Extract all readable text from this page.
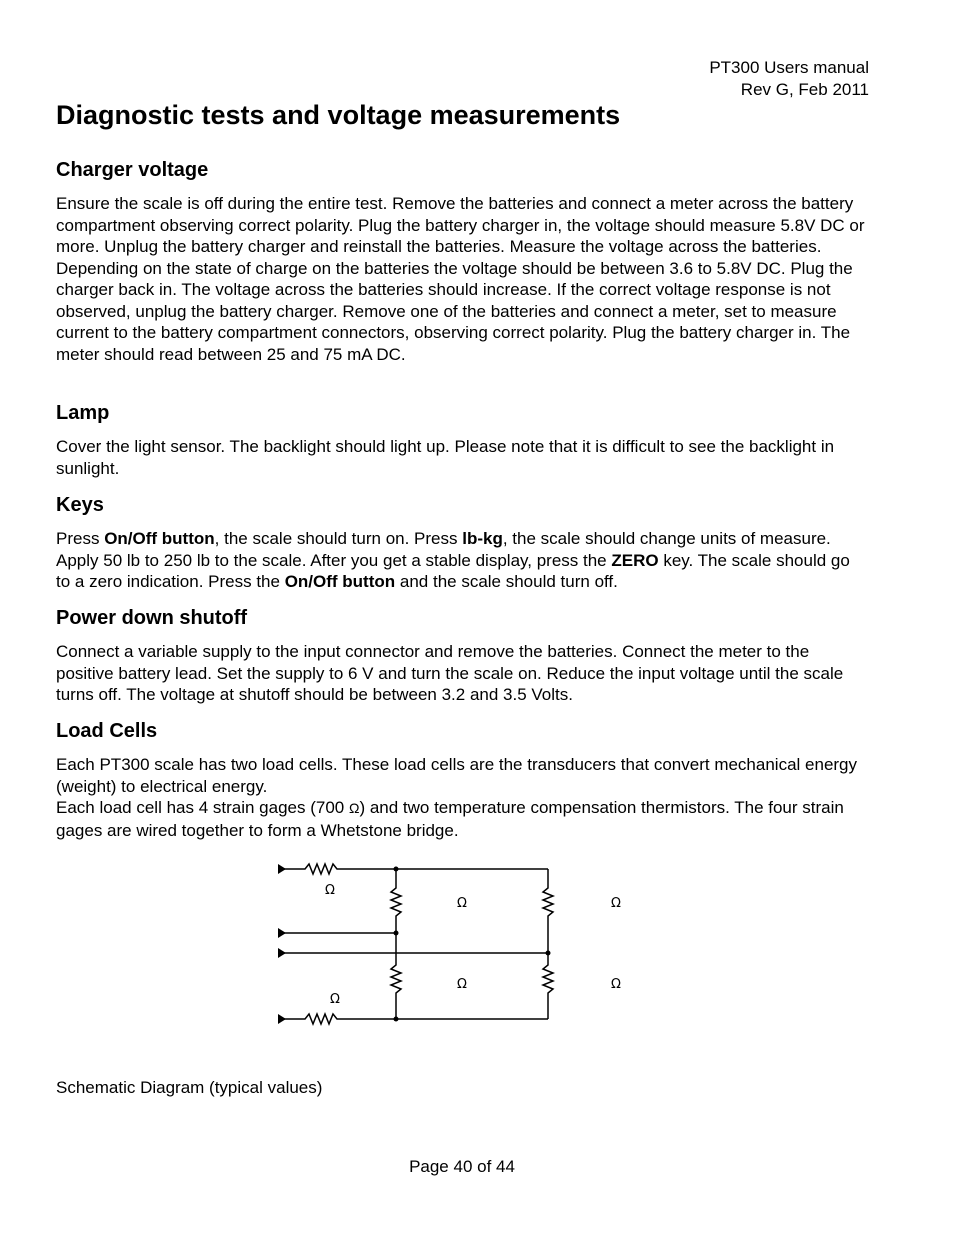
PT300 Users manual
Rev G, Feb 2011
Diagnostic tests and voltage measurements
Charger voltage

Ensure the scale is off during the entire test. Remove the batteries and connect a meter across the battery compartment observing correct polarity. Plug the battery charger in, the voltage should measure 5.8V DC or more. Unplug the battery charger and reinstall the batteries. Measure the voltage across the batteries. Depending on the state of charge on the batteries the voltage should be between 3.6 to 5.8V DC. Plug the charger back in. The voltage across the batteries should increase. If the correct voltage response is not observed, unplug the battery charger. Remove one of the batteries and connect a meter, set to measure current to the battery compartment connectors, observing correct polarity. Plug the battery charger in. The meter should read between 25 and 75 mA DC.

Lamp

Cover the light sensor. The backlight should light up. Please note that it is difficult to see the backlight in sunlight.

Keys

Press On/Off button, the scale should turn on. Press lb-kg, the scale should change units of measure. Apply 50 lb to 250 lb to the scale. After you get a stable display, press the ZERO key. The scale should go to a zero indication. Press the On/Off button and the scale should turn off.

Power down shutoff

Connect a variable supply to the input connector and remove the batteries. Connect the meter to the positive battery lead. Set the supply to 6 V and turn the scale on. Reduce the input voltage until the scale turns off. The voltage at shutoff should be between 3.2 and 3.5 Volts.

Load Cells

Each PT300 scale has two load cells. These load cells are the transducers that convert mechanical energy (weight) to electrical energy.

Each load cell has 4 strain gages (700 Ω) and two temperature compensation thermistors. The four strain gages are wired together to form a Whetstone bridge.

Ω
Ω	Ω
Ω	Ω
Ω
Schematic Diagram (typical values)
Page 40 of 44
